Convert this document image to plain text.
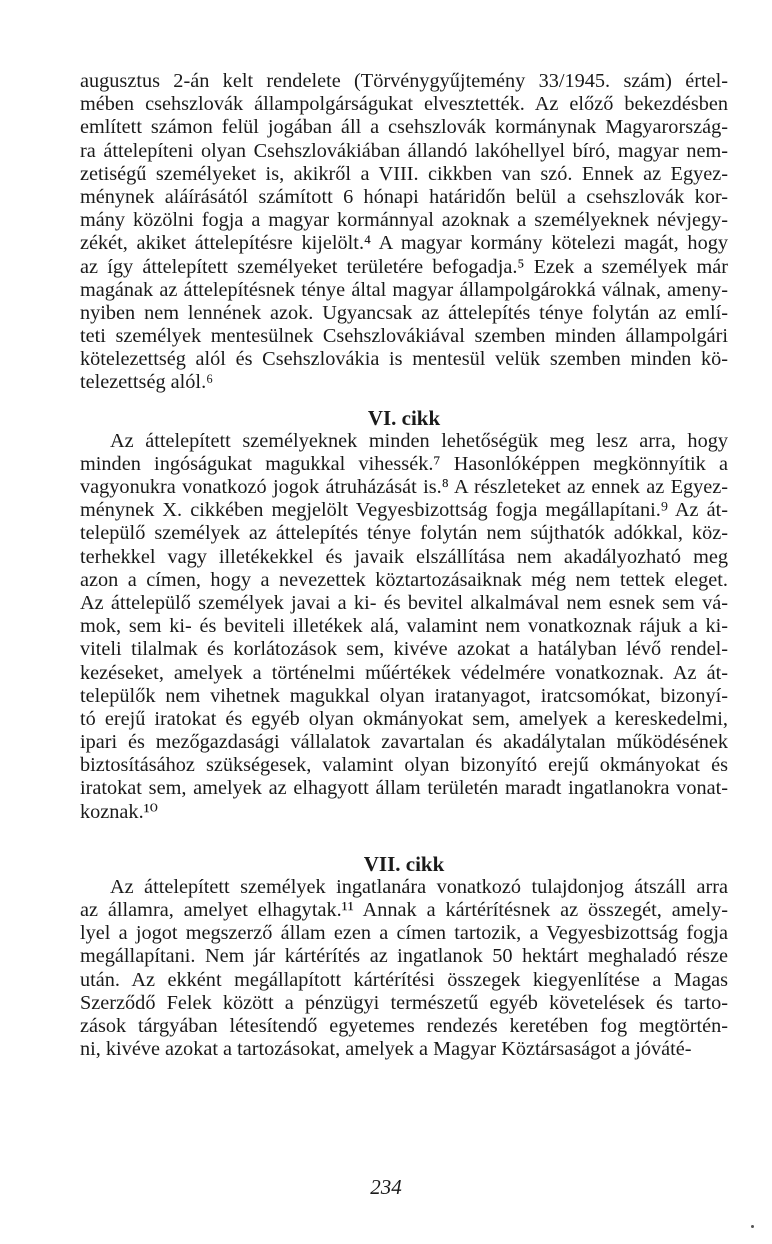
augusztus 2-án kelt rendelete (Törvénygyűjtemény 33/1945. szám) értel-
mében csehszlovák állampolgárságukat elvesztették. Az előző bekezdésben
említett számon felül jogában áll a csehszlovák kormánynak Magyarország-
ra áttelepíteni olyan Csehszlovákiában állandó lakóhellyel bíró, magyar nem-
zetiségű személyeket is, akikről a VIII. cikkben van szó. Ennek az Egyez-
ménynek aláírásától számított 6 hónapi határidőn belül a csehszlovák kor-
mány közölni fogja a magyar kormánnyal azoknak a személyeknek névjegy-
zékét, akiket áttelepítésre kijelölt.⁴ A magyar kormány kötelezi magát, hogy
az így áttelepített személyeket területére befogadja.⁵ Ezek a személyek már
magának az áttelepítésnek ténye által magyar állampolgárokká válnak, ameny-
nyiben nem lennének azok. Ugyancsak az áttelepítés ténye folytán az emlí-
teti személyek mentesülnek Csehszlovákiával szemben minden állampolgári
kötelezettség alól és Csehszlovákia is mentesül velük szemben minden kö-
telezettség alól.⁶
VI. cikk
Az áttelepített személyeknek minden lehetőségük meg lesz arra, hogy
minden ingóságukat magukkal vihessék.⁷ Hasonlóképpen megkönnyítik a
vagyonukra vonatkozó jogok átruházását is.⁸ A részleteket az ennek az Egyez-
ménynek X. cikkében megjelölt Vegyesbizottság fogja megállapítani.⁹ Az át-
települő személyek az áttelepítés ténye folytán nem sújthatók adókkal, köz-
terhekkel vagy illetékekkel és javaik elszállítása nem akadályozható meg
azon a címen, hogy a nevezettek köztartozásaiknak még nem tettek eleget.
Az áttelepülő személyek javai a ki- és bevitel alkalmával nem esnek sem vá-
mok, sem ki- és beviteli illetékek alá, valamint nem vonatkoznak rájuk a ki-
viteli tilalmak és korlátozások sem, kivéve azokat a hatályban lévő rendel-
kezéseket, amelyek a történelmi műértékek védelmére vonatkoznak. Az át-
települők nem vihetnek magukkal olyan iratanyagot, iratcsomókat, bizonyí-
tó erejű iratokat és egyéb olyan okmányokat sem, amelyek a kereskedelmi,
ipari és mezőgazdasági vállalatok zavartalan és akadálytalan működésének
biztosításához szükségesek, valamint olyan bizonyító erejű okmányokat és
iratokat sem, amelyek az elhagyott állam területén maradt ingatlanokra vonat-
koznak.¹⁰
VII. cikk
Az áttelepített személyek ingatlanára vonatkozó tulajdonjog átszáll arra
az államra, amelyet elhagytak.¹¹ Annak a kártérítésnek az összegét, amely-
lyel a jogot megszerző állam ezen a címen tartozik, a Vegyesbizottság fogja
megállapítani. Nem jár kártérítés az ingatlanok 50 hektárt meghaladó része
után. Az ekként megállapított kártérítési összegek kiegyenlítése a Magas
Szerződő Felek között a pénzügyi természetű egyéb követelések és tarto-
zások tárgyában létesítendő egyetemes rendezés keretében fog megtörtén-
ni, kivéve azokat a tartozásokat, amelyek a Magyar Köztársaságot a jóváté-
234
